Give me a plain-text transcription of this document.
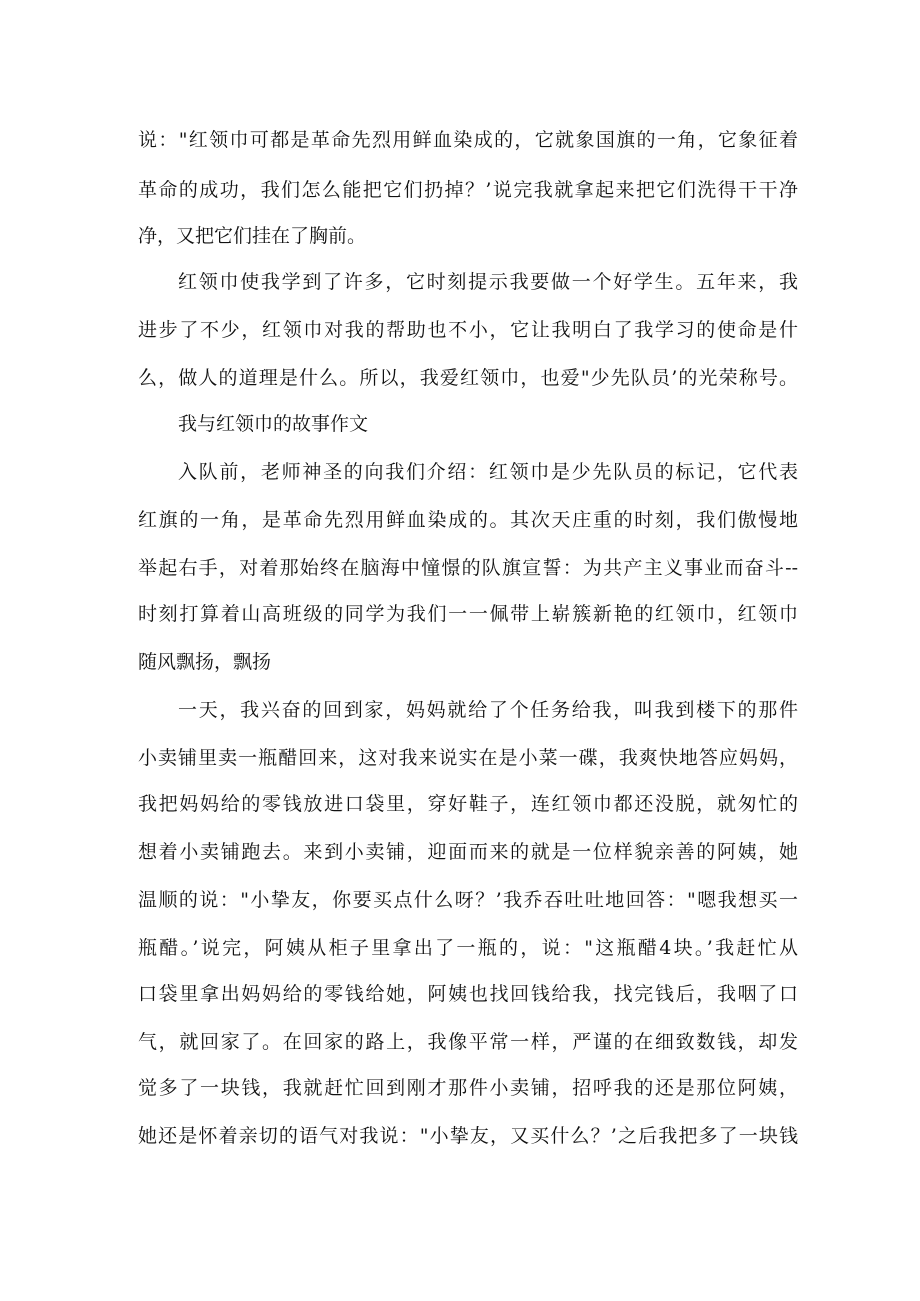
说："红领巾可都是革命先烈用鲜血染成的，它就象国旗的一角，它象征着
革命的成功，我们怎么能把它们扔掉？’说完我就拿起来把它们洗得干干净
净，又把它们挂在了胸前。
红领巾使我学到了许多，它时刻提示我要做一个好学生。五年来，我
进步了不少，红领巾对我的帮助也不小，它让我明白了我学习的使命是什
么，做人的道理是什么。所以，我爱红领巾，也爱"少先队员’的光荣称号。
我与红领巾的故事作文
入队前，老师神圣的向我们介绍：红领巾是少先队员的标记，它代表
红旗的一角，是革命先烈用鲜血染成的。其次天庄重的时刻，我们傲慢地
举起右手，对着那始终在脑海中憧憬的队旗宣誓：为共产主义事业而奋斗--
时刻打算着山高班级的同学为我们一一佩带上崭簇新艳的红领巾，红领巾
随风飘扬，飘扬
一天，我兴奋的回到家，妈妈就给了个任务给我，叫我到楼下的那件
小卖铺里卖一瓶醋回来，这对我来说实在是小菜一碟，我爽快地答应妈妈，
我把妈妈给的零钱放进口袋里，穿好鞋子，连红领巾都还没脱，就匆忙的
想着小卖铺跑去。来到小卖铺，迎面而来的就是一位样貌亲善的阿姨，她
温顺的说："小挚友，你要买点什么呀？’我乔吞吐吐地回答："嗯我想买一
瓶醋。’说完，阿姨从柜子里拿出了一瓶的，说："这瓶醋4块。’我赶忙从
口袋里拿出妈妈给的零钱给她，阿姨也找回钱给我，找完钱后，我咽了口
气，就回家了。在回家的路上，我像平常一样，严谨的在细致数钱，却发
觉多了一块钱，我就赶忙回到刚才那件小卖铺，招呼我的还是那位阿姨，
她还是怀着亲切的语气对我说："小挚友，又买什么？’之后我把多了一块钱
